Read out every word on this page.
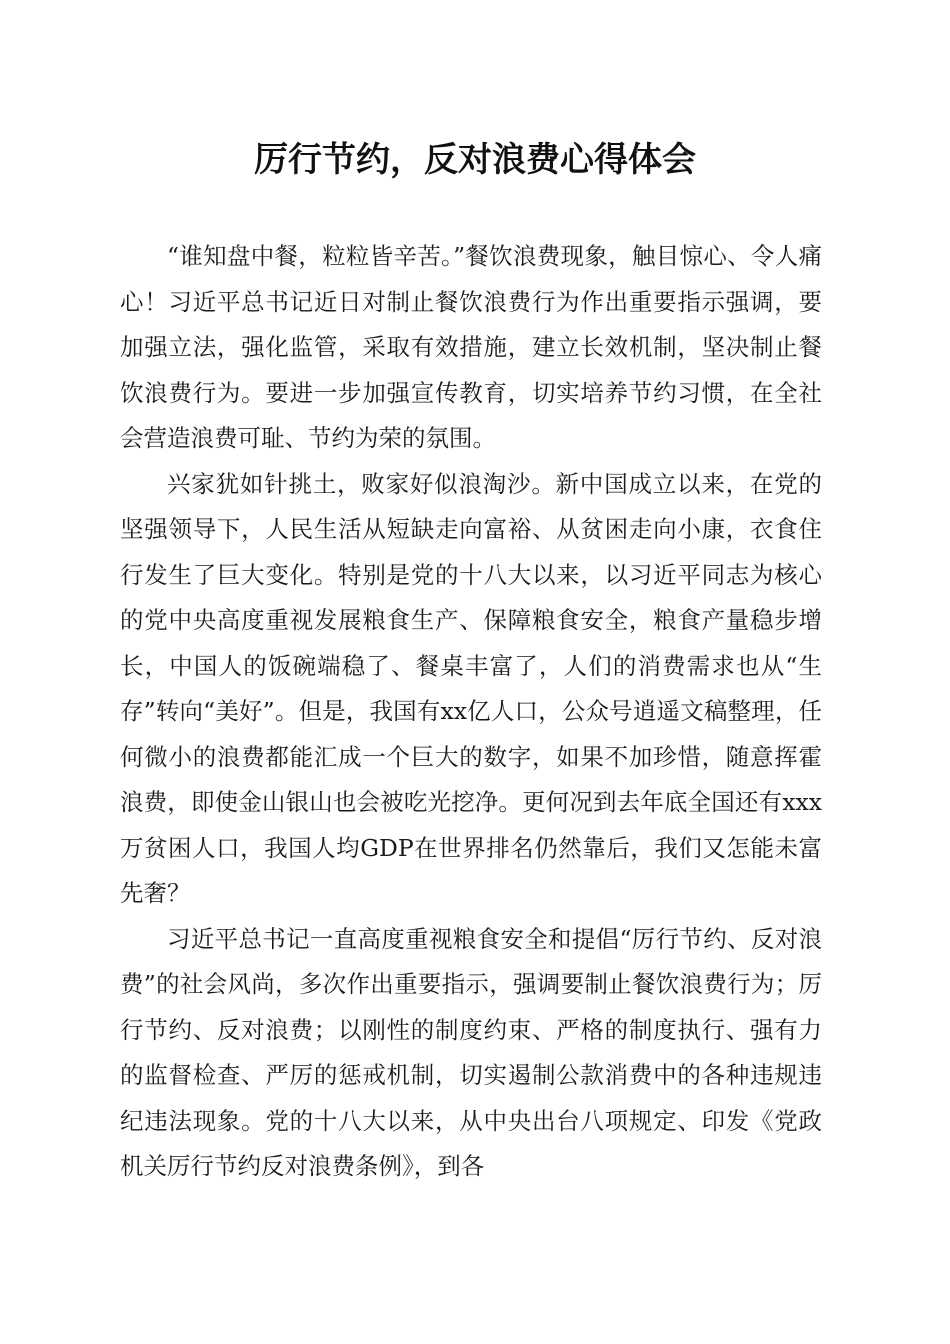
厉行节约，反对浪费心得体会

“谁知盘中餐，粒粒皆辛苦。”餐饮浪费现象，触目惊心、令人痛心！习近平总书记近日对制止餐饮浪费行为作出重要指示强调，要加强立法，强化监管，采取有效措施，建立长效机制，坚决制止餐饮浪费行为。要进一步加强宣传教育，切实培养节约习惯，在全社会营造浪费可耻、节约为荣的氛围。

兴家犹如针挑土，败家好似浪淘沙。新中国成立以来，在党的坚强领导下，人民生活从短缺走向富裕、从贫困走向小康，衣食住行发生了巨大变化。特别是党的十八大以来，以习近平同志为核心的党中央高度重视发展粮食生产、保障粮食安全，粮食产量稳步增长，中国人的饭碗端稳了、餐桌丰富了，人们的消费需求也从“生存”转向“美好”。但是，我国有xx亿人口，公众号逍遥文稿整理，任何微小的浪费都能汇成一个巨大的数字，如果不加珍惜，随意挥霍浪费，即使金山银山也会被吃光挖净。更何况到去年底全国还有xxx万贫困人口，我国人均GDP在世界排名仍然靠后，我们又怎能未富先奢？

习近平总书记一直高度重视粮食安全和提倡“厉行节约、反对浪费”的社会风尚，多次作出重要指示，强调要制止餐饮浪费行为；厉行节约、反对浪费；以刚性的制度约束、严格的制度执行、强有力的监督检查、严厉的惩戒机制，切实遏制公款消费中的各种违规违纪违法现象。党的十八大以来，从中央出台八项规定、印发《党政机关厉行节约反对浪费条例》，到各
